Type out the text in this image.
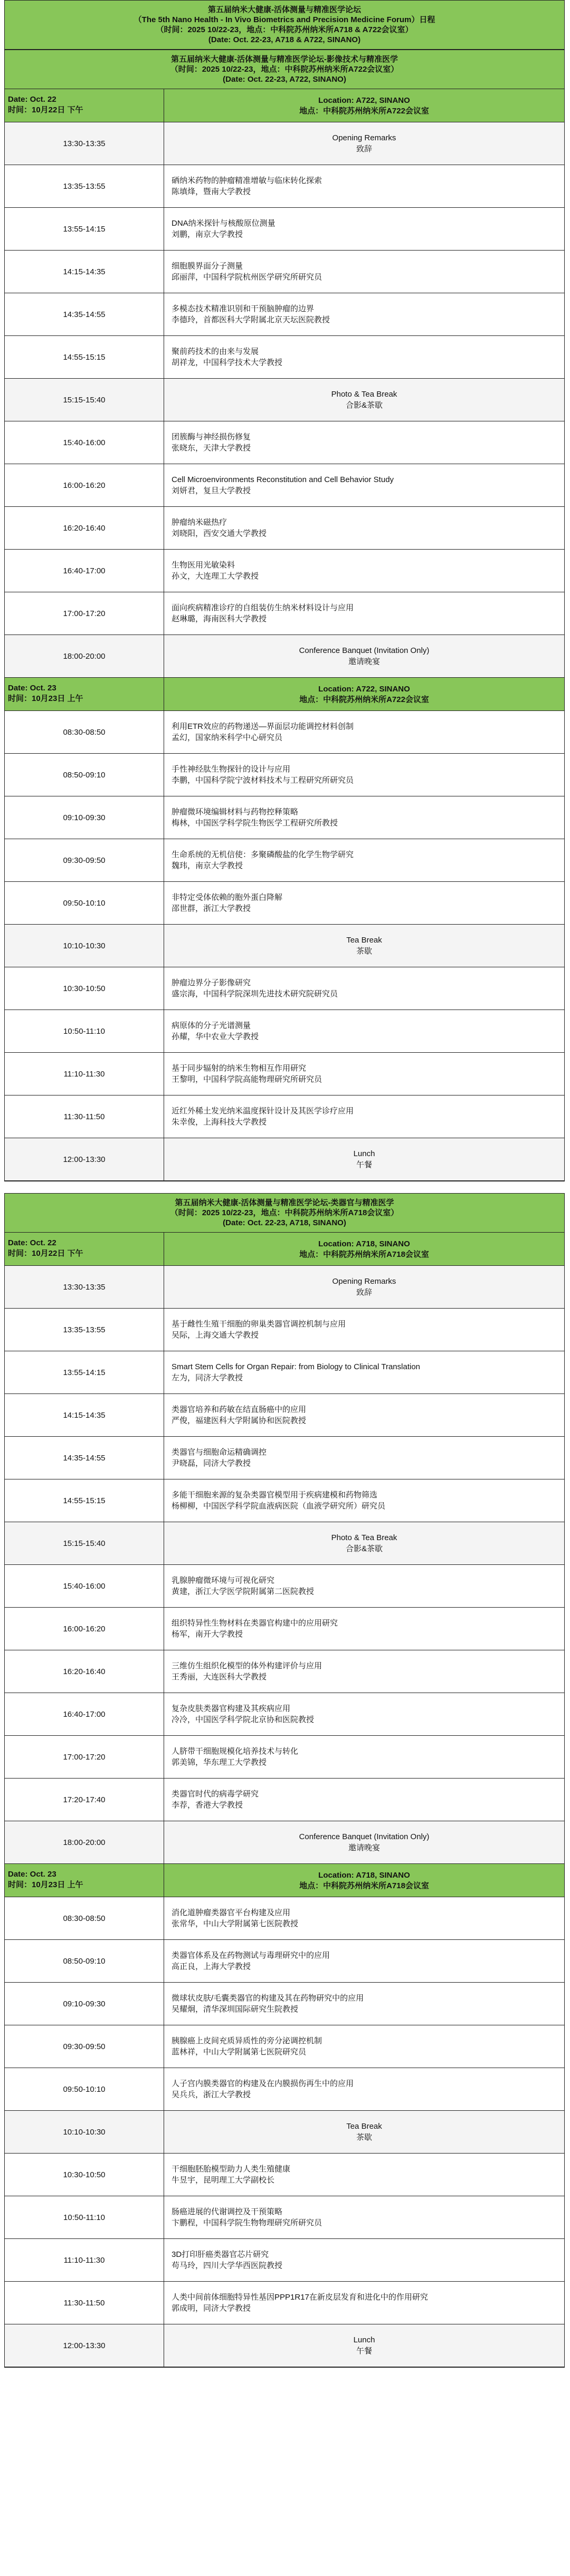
第五届纳米大健康-活体测量与精准医学论坛
（The 5th Nano Health - In Vivo Biometrics and Precision Medicine Forum）日程
（时间：2025 10/22-23，地点：中科院苏州纳米所A718 & A722会议室）
(Date: Oct. 22-23, A718 & A722, SINANO)
第五届纳米大健康-活体测量与精准医学论坛-影像技术与精准医学
（时间：2025 10/22-23，地点：中科院苏州纳米所A722会议室）
(Date: Oct. 22-23, A722, SINANO)
Date: Oct. 22
时间：10月22日 下午
Location: A722, SINANO
地点：中科院苏州纳米所A722会议室
13:30-13:35
Opening Remarks
致辞
13:35-13:55
硒纳米药物的肿瘤精准增敏与临床转化探索
陈填烽，暨南大学教授
13:55-14:15
DNA纳米探针与核酸原位测量
刘鹏，南京大学教授
14:15-14:35
细胞膜界面分子测量
邱丽萍，中国科学院杭州医学研究所研究员
14:35-14:55
多模态技术精准识别和干预脑肿瘤的边界
李德玲，首都医科大学附属北京天坛医院教授
14:55-15:15
聚前药技术的由来与发展
胡祥龙，中国科学技术大学教授
15:15-15:40
Photo & Tea Break
合影&茶歇
15:40-16:00
团簇酶与神经损伤修复
张晓东，天津大学教授
16:00-16:20
Cell Microenvironments Reconstitution and Cell Behavior Study
刘妍君，复旦大学教授
16:20-16:40
肿瘤纳米磁热疗
刘晓阳，西安交通大学教授
16:40-17:00
生物医用光敏染料
孙文，大连理工大学教授
17:00-17:20
面向疾病精准诊疗的自组装仿生纳米材料设计与应用
赵琳璐，海南医科大学教授
18:00-20:00
Conference Banquet (Invitation Only)
邀请晚宴
Date: Oct. 23
时间：10月23日 上午
Location: A722, SINANO
地点：中科院苏州纳米所A722会议室
08:30-08:50
利用ETR效应的药物递送—界面层功能调控材料创制
孟幻，国家纳米科学中心研究员
08:50-09:10
手性神经肽生物探针的设计与应用
李鹏，中国科学院宁波材料技术与工程研究所研究员
09:10-09:30
肿瘤微环境编辑材料与药物控释策略
梅林，中国医学科学院生物医学工程研究所教授
09:30-09:50
生命系统的无机信使：多聚磷酸盐的化学生物学研究
魏玮，南京大学教授
09:50-10:10
非特定受体依赖的胞外蛋白降解
邵世群，浙江大学教授
10:10-10:30
Tea Break
茶歇
10:30-10:50
肿瘤边界分子影像研究
盛宗海，中国科学院深圳先进技术研究院研究员
10:50-11:10
病原体的分子光谱测量
孙耀，华中农业大学教授
11:10-11:30
基于同步辐射的纳米生物相互作用研究
王黎明，中国科学院高能物理研究所研究员
11:30-11:50
近红外稀土发光纳米温度探针设计及其医学诊疗应用
朱幸俊，上海科技大学教授
12:00-13:30
Lunch
午餐
第五届纳米大健康-活体测量与精准医学论坛-类器官与精准医学
（时间：2025 10/22-23，地点：中科院苏州纳米所A718会议室）
(Date: Oct. 22-23, A718, SINANO)
Date: Oct. 22
时间：10月22日 下午
Location: A718, SINANO
地点：中科院苏州纳米所A718会议室
13:30-13:35
Opening Remarks
致辞
13:35-13:55
基于雌性生殖干细胞的卵巢类器官调控机制与应用
吴际，上海交通大学教授
13:55-14:15
Smart Stem Cells for Organ Repair: from Biology to Clinical Translation
左为，同济大学教授
14:15-14:35
类器官培养和药敏在结直肠癌中的应用
严俊，福建医科大学附属协和医院教授
14:35-14:55
类器官与细胞命运精确调控
尹晓磊，同济大学教授
14:55-15:15
多能干细胞来源的复杂类器官模型用于疾病建模和药物筛选
杨柳柳，中国医学科学院血液病医院（血液学研究所）研究员
15:15-15:40
Photo & Tea Break
合影&茶歇
15:40-16:00
乳腺肿瘤微环境与可视化研究
黄建，浙江大学医学院附属第二医院教授
16:00-16:20
组织特异性生物材料在类器官构建中的应用研究
杨军，南开大学教授
16:20-16:40
三维仿生组织化模型的体外构建评价与应用
王秀丽，大连医科大学教授
16:40-17:00
复杂皮肤类器官构建及其疾病应用
冷冷，中国医学科学院北京协和医院教授
17:00-17:20
人脐带干细胞规模化培养技术与转化
郭美锦，华东理工大学教授
17:20-17:40
类器官时代的病毒学研究
李荐，香港大学教授
18:00-20:00
Conference Banquet (Invitation Only)
邀请晚宴
Date: Oct. 23
时间：10月23日 上午
Location: A718, SINANO
地点：中科院苏州纳米所A718会议室
08:30-08:50
消化道肿瘤类器官平台构建及应用
张常华，中山大学附属第七医院教授
08:50-09:10
类器官体系及在药物测试与毒理研究中的应用
高正良，上海大学教授
09:10-09:30
微球状皮肤/毛囊类器官的构建及其在药物研究中的应用
吴耀炯，清华深圳国际研究生院教授
09:30-09:50
胰腺癌上皮间充质异质性的旁分泌调控机制
蓝林祥，中山大学附属第七医院研究员
09:50-10:10
人子宫内膜类器官的构建及在内膜损伤再生中的应用
吴兵兵，浙江大学教授
10:10-10:30
Tea Break
茶歇
10:30-10:50
干细胞胚胎模型助力人类生殖健康
牛昱宇，昆明理工大学副校长
10:50-11:10
肠癌进展的代谢调控及干预策略
卞鹏程，中国科学院生物物理研究所研究员
11:10-11:30
3D打印肝癌类器官芯片研究
苟马玲，四川大学华西医院教授
11:30-11:50
人类中间前体细胞特异性基因PPP1R17在新皮层发育和进化中的作用研究
郭成明，同济大学教授
12:00-13:30
Lunch
午餐
